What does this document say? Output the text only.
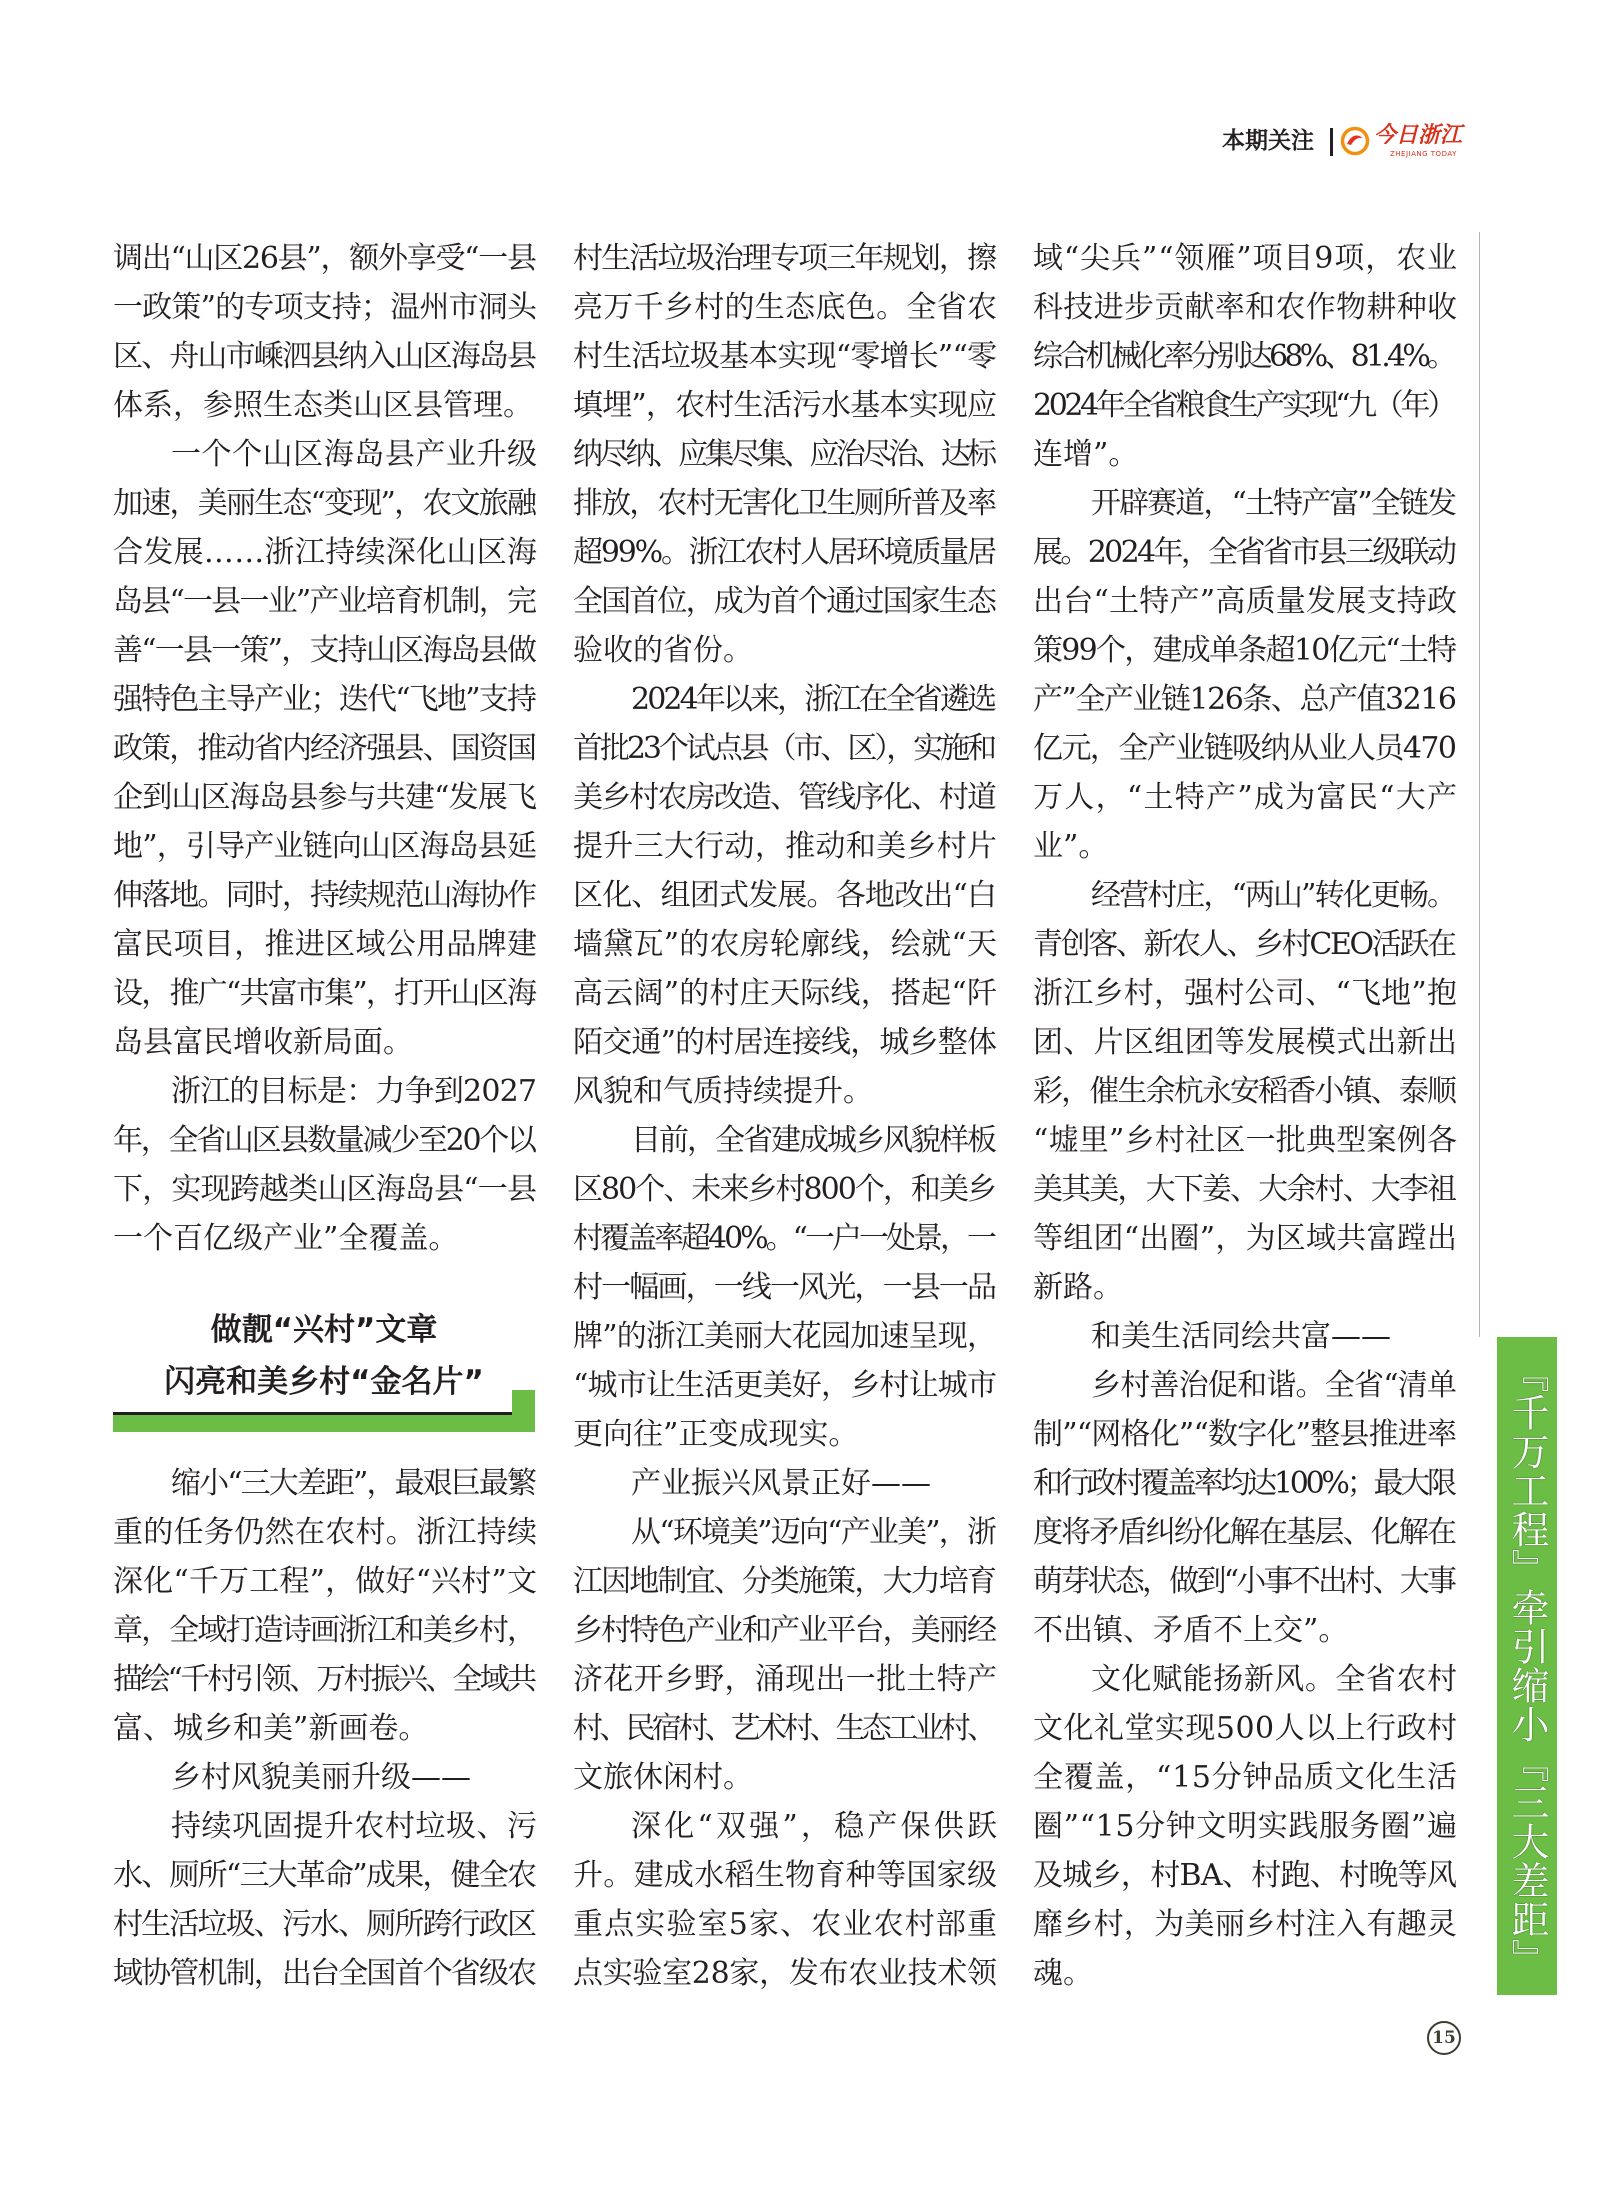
本期关注	今日浙江
ZHEJIANG TODAY
调出“山区26县”，额外享受“一县
一政策”的专项支持；温州市洞头
区、舟山市嵊泗县纳入山区海岛县
体系，参照生态类山区县管理。
一个个山区海岛县产业升级
加速，美丽生态“变现”，农文旅融
合发展……浙江持续深化山区海
岛县“一县一业”产业培育机制，完
善“一县一策”，支持山区海岛县做
强特色主导产业；迭代“飞地”支持
政策，推动省内经济强县、国资国
企到山区海岛县参与共建“发展飞
地”，引导产业链向山区海岛县延
伸落地。同时，持续规范山海协作
富民项目，推进区域公用品牌建
设，推广“共富市集”，打开山区海
岛县富民增收新局面。
浙江的目标是：力争到2027
年，全省山区县数量减少至20个以
下，实现跨越类山区海岛县“一县
一个百亿级产业”全覆盖。
做靓“兴村”文章
闪亮和美乡村“金名片”
缩小“三大差距”，最艰巨最繁
重的任务仍然在农村。浙江持续
深化“千万工程”，做好“兴村”文
章，全域打造诗画浙江和美乡村，
描绘“千村引领、万村振兴、全域共
富、城乡和美”新画卷。
乡村风貌美丽升级——
持续巩固提升农村垃圾、污
水、厕所“三大革命”成果，健全农
村生活垃圾、污水、厕所跨行政区
域协管机制，出台全国首个省级农
村生活垃圾治理专项三年规划，擦
亮万千乡村的生态底色。全省农
村生活垃圾基本实现“零增长”“零
填埋”，农村生活污水基本实现应
纳尽纳、应集尽集、应治尽治、达标
排放，农村无害化卫生厕所普及率
超99%。浙江农村人居环境质量居
全国首位，成为首个通过国家生态
验收的省份。
2024年以来，浙江在全省遴选
首批23个试点县（市、区），实施和
美乡村农房改造、管线序化、村道
提升三大行动，推动和美乡村片
区化、组团式发展。各地改出“白
墙黛瓦”的农房轮廓线，绘就“天
高云阔”的村庄天际线，搭起“阡
陌交通”的村居连接线，城乡整体
风貌和气质持续提升。
目前，全省建成城乡风貌样板
区80个、未来乡村800个，和美乡
村覆盖率超40%。“一户一处景，一
村一幅画，一线一风光，一县一品
牌”的浙江美丽大花园加速呈现，
“城市让生活更美好，乡村让城市
更向往”正变成现实。
产业振兴风景正好——
从“环境美”迈向“产业美”，浙
江因地制宜、分类施策，大力培育
乡村特色产业和产业平台，美丽经
济花开乡野，涌现出一批土特产
村、民宿村、艺术村、生态工业村、
文旅休闲村。
深化“双强”，稳产保供跃
升。建成水稻生物育种等国家级
重点实验室5家、农业农村部重
点实验室28家，发布农业技术领
域“尖兵”“领雁”项目9项，农业
科技进步贡献率和农作物耕种收
综合机械化率分别达68%、81.4%。
2024年全省粮食生产实现“九（年）
连增”。
开辟赛道，“土特产富”全链发
展。2024年，全省省市县三级联动
出台“土特产”高质量发展支持政
策99个，建成单条超10亿元“土特
产”全产业链126条、总产值3216
亿元，全产业链吸纳从业人员470
万人，“土特产”成为富民“大产
业”。
经营村庄，“两山”转化更畅。
青创客、新农人、乡村CEO活跃在
浙江乡村，强村公司、“飞地”抱
团、片区组团等发展模式出新出
彩，催生余杭永安稻香小镇、泰顺
“墟里”乡村社区一批典型案例各
美其美，大下姜、大余村、大李祖
等组团“出圈”，为区域共富蹚出
新路。
和美生活同绘共富——
乡村善治促和谐。全省“清单
制”“网格化”“数字化”整县推进率
和行政村覆盖率均达100%；最大限
度将矛盾纠纷化解在基层、化解在
萌芽状态，做到“小事不出村、大事
不出镇、矛盾不上交”。
文化赋能扬新风。全省农村
文化礼堂实现500人以上行政村
全覆盖，“15分钟品质文化生活
圈”“15分钟文明实践服务圈”遍
及城乡，村BA、村跑、村晚等风
靡乡村，为美丽乡村注入有趣灵
魂。	『千万工程』牵引缩小『三大差距』
15
